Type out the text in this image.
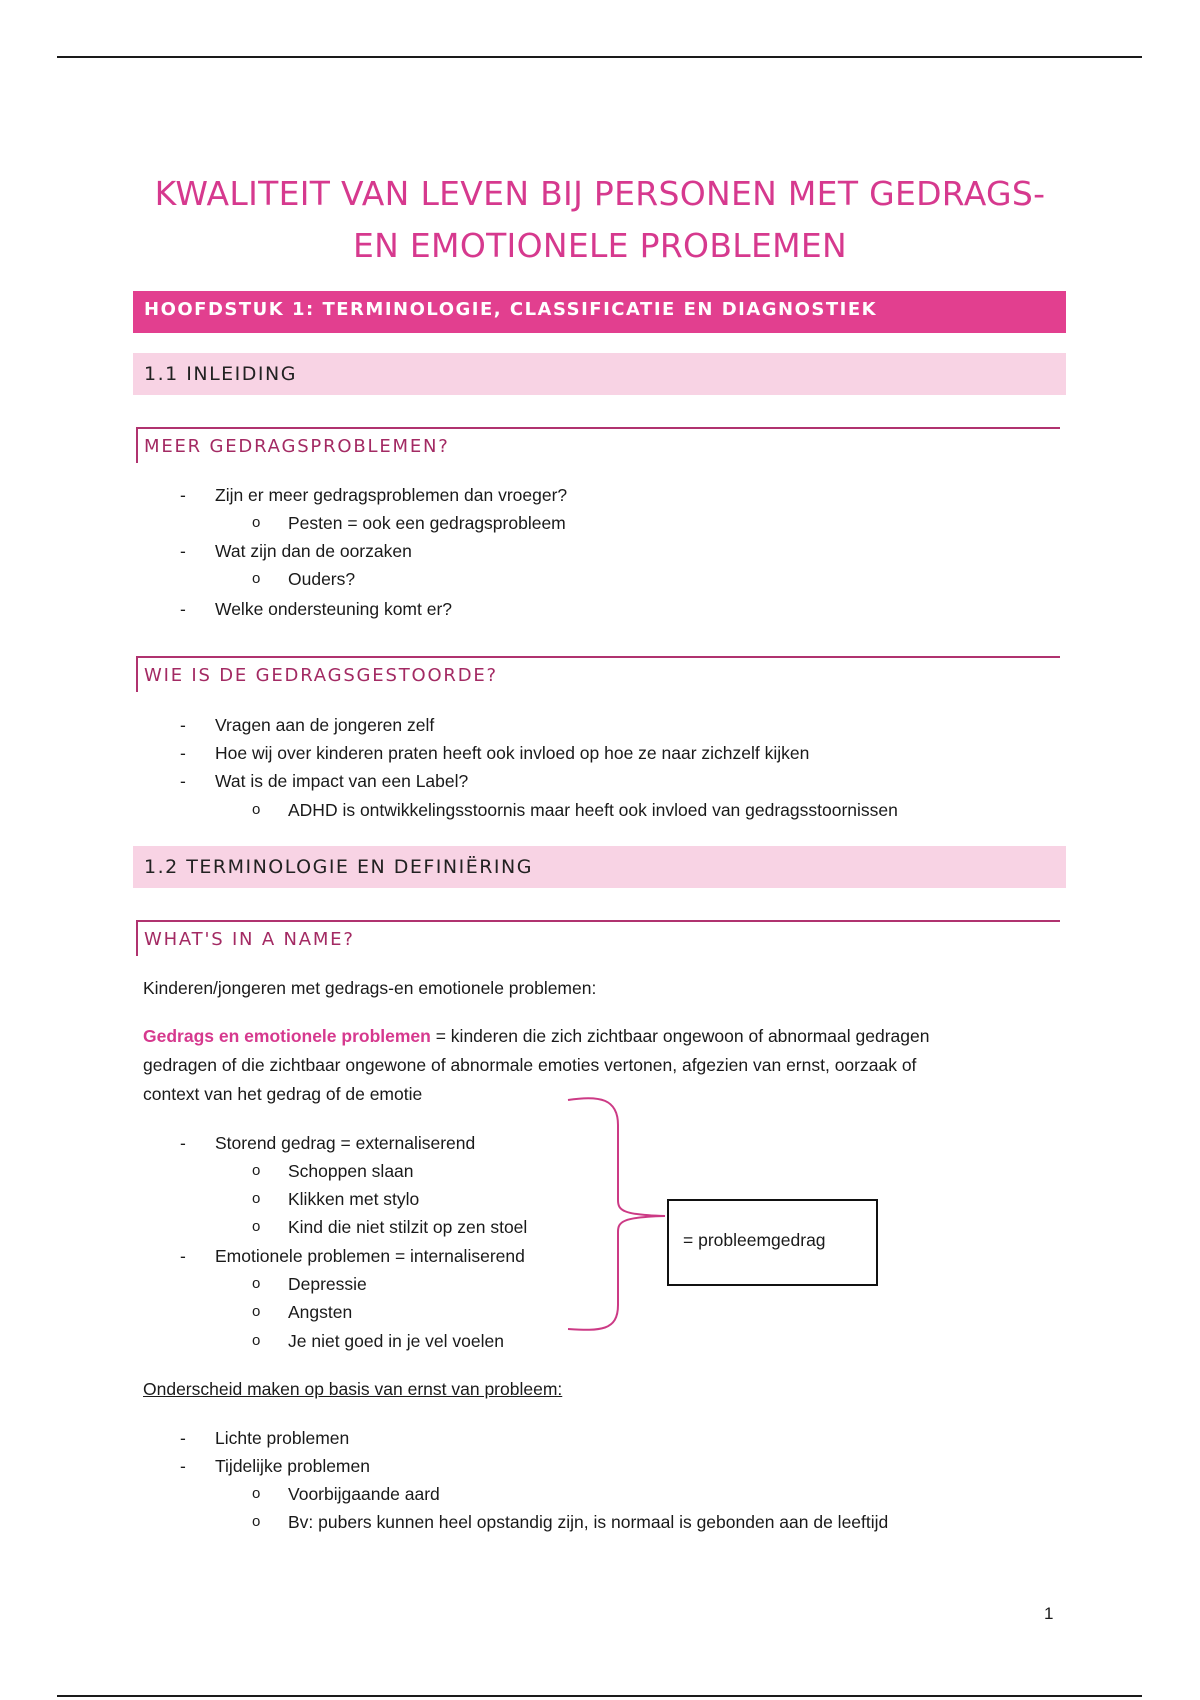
KWALITEIT VAN LEVEN BIJ PERSONEN MET GEDRAGS-
EN EMOTIONELE PROBLEMEN
HOOFDSTUK 1: TERMINOLOGIE, CLASSIFICATIE EN DIAGNOSTIEK
1.1 INLEIDING
MEER GEDRAGSPROBLEMEN?
- Zijn er meer gedragsproblemen dan vroeger?
o Pesten = ook een gedragsprobleem
- Wat zijn dan de oorzaken
o Ouders?
- Welke ondersteuning komt er?
WIE IS DE GEDRAGSGESTOORDE?
- Vragen aan de jongeren zelf
- Hoe wij over kinderen praten heeft ook invloed op hoe ze naar zichzelf kijken
- Wat is de impact van een Label?
o ADHD is ontwikkelingsstoornis maar heeft ook invloed van gedragsstoornissen
1.2 TERMINOLOGIE EN DEFINIËRING
WHAT'S IN A NAME?
Kinderen/jongeren met gedrags-en emotionele problemen:
Gedrags en emotionele problemen = kinderen die zich zichtbaar ongewoon of abnormaal gedragen
gedragen of die zichtbaar ongewone of abnormale emoties vertonen, afgezien van ernst, oorzaak of
context van het gedrag of de emotie
- Storend gedrag = externaliserend
o Schoppen slaan
o Klikken met stylo
o Kind die niet stilzit op zen stoel
- Emotionele problemen = internaliserend
o Depressie
o Angsten
o Je niet goed in je vel voelen
= probleemgedrag
Onderscheid maken op basis van ernst van probleem:
- Lichte problemen
- Tijdelijke problemen
o Voorbijgaande aard
o Bv: pubers kunnen heel opstandig zijn, is normaal is gebonden aan de leeftijd
1
